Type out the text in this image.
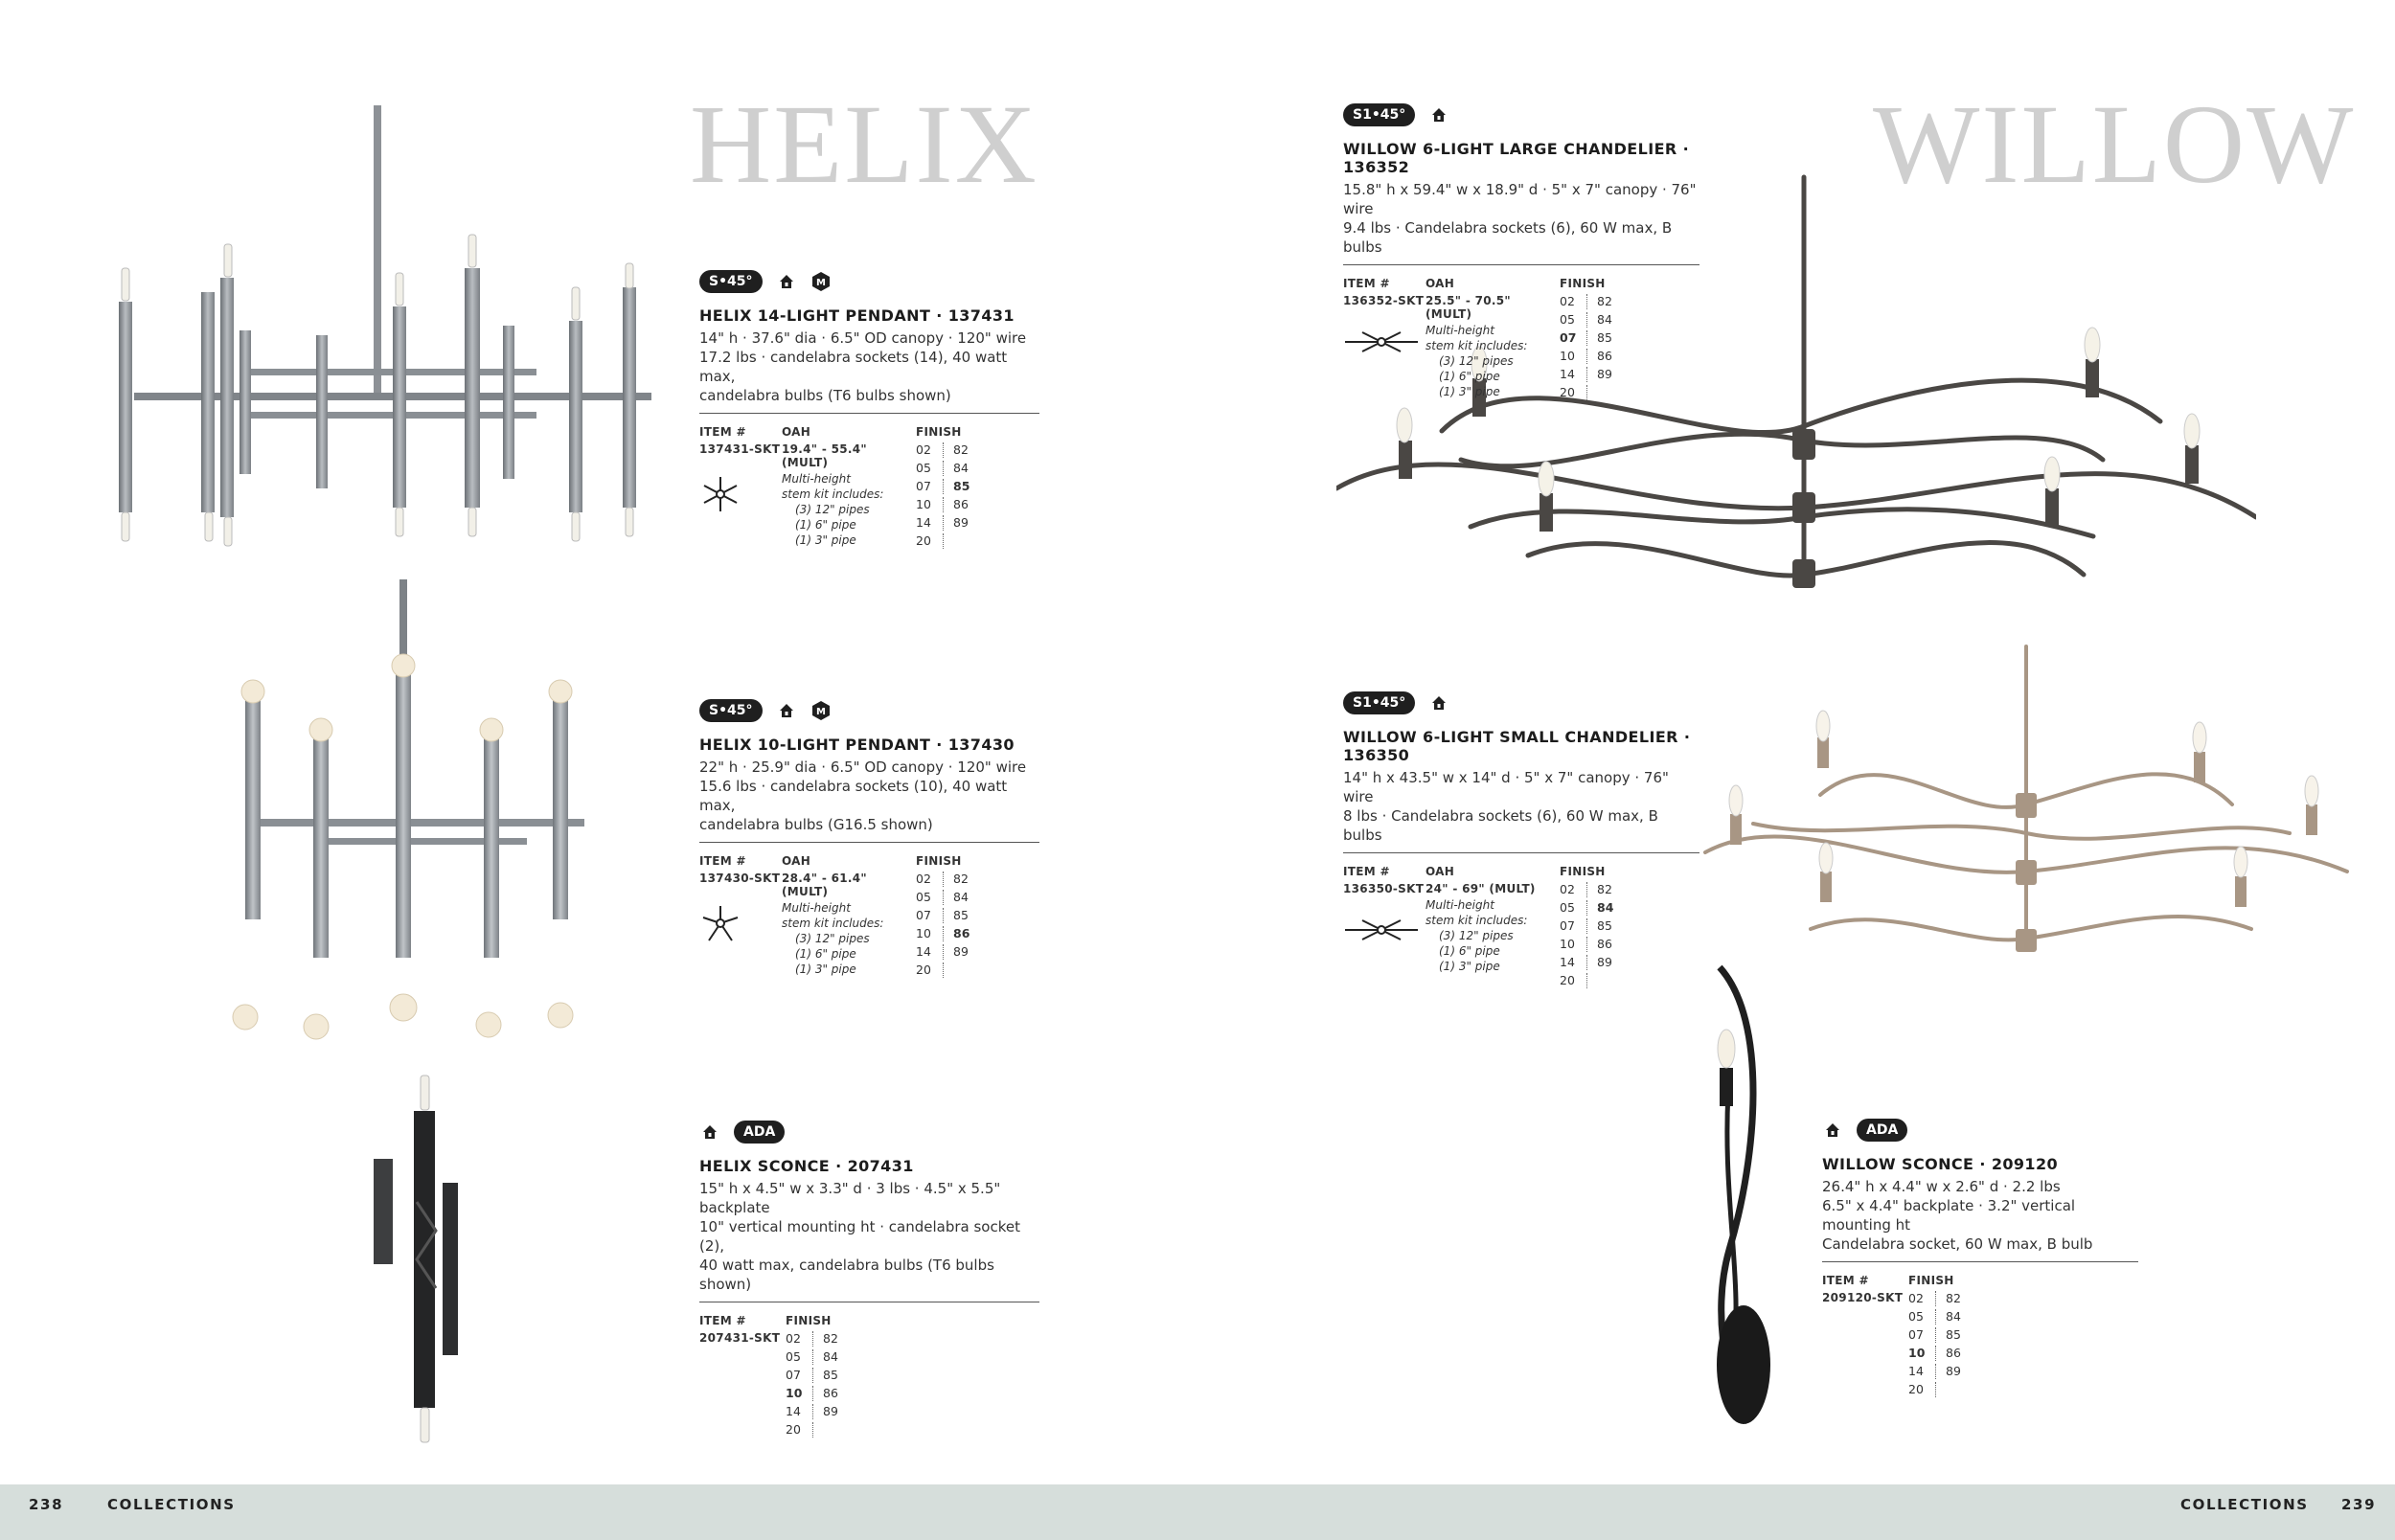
HELIX
S•45°	M
HELIX 14-LIGHT PENDANT · 137431
14" h · 37.6" dia · 6.5" OD canopy · 120" wire
17.2 lbs · candelabra sockets (14), 40 watt max,
candelabra bulbs (T6 bulbs shown)
ITEM #
137431-SKT
OAH
19.4" - 55.4" (MULT)
Multi-height
stem kit includes:
(3) 12" pipes
(1) 6" pipe
(1) 3" pipe
FINISH
02	82
05	84
07	85
10	86
14	89
20
S•45°	M
HELIX 10-LIGHT PENDANT · 137430
22" h · 25.9" dia · 6.5" OD canopy · 120" wire
15.6 lbs · candelabra sockets (10), 40 watt max,
candelabra bulbs (G16.5 shown)
ITEM #
137430-SKT
OAH
28.4" - 61.4" (MULT)
Multi-height
stem kit includes:
(3) 12" pipes
(1) 6" pipe
(1) 3" pipe
FINISH
02	82
05	84
07	85
10	86
14	89
20
ADA
HELIX SCONCE · 207431
15" h x 4.5" w x 3.3" d · 3 lbs · 4.5" x 5.5" backplate
10" vertical mounting ht · candelabra socket (2),
40 watt max, candelabra bulbs (T6 bulbs shown)
ITEM #
207431-SKT
FINISH
02	82
05	84
07	85
10	86
14	89
20
WILLOW
S1•45°
WILLOW 6-LIGHT LARGE CHANDELIER · 136352
15.8" h x 59.4" w x 18.9" d · 5" x 7" canopy · 76" wire
9.4 lbs · Candelabra sockets (6), 60 W max, B bulbs
ITEM #
136352-SKT
OAH
25.5" - 70.5" (MULT)
Multi-height
stem kit includes:
(3) 12" pipes
(1) 6" pipe
(1) 3" pipe
FINISH
02	82
05	84
07	85
10	86
14	89
20
S1•45°
WILLOW 6-LIGHT SMALL CHANDELIER · 136350
14" h x 43.5" w x 14" d · 5" x 7" canopy · 76" wire
8 lbs · Candelabra sockets (6), 60 W max, B bulbs
ITEM #
136350-SKT
OAH
24" - 69" (MULT)
Multi-height
stem kit includes:
(3) 12" pipes
(1) 6" pipe
(1) 3" pipe
FINISH
02	82
05	84
07	85
10	86
14	89
20
ADA
WILLOW SCONCE · 209120
26.4" h x 4.4" w x 2.6" d · 2.2 lbs
6.5" x 4.4" backplate · 3.2" vertical mounting ht
Candelabra socket, 60 W max, B bulb
ITEM #
209120-SKT
FINISH
02	82
05	84
07	85
10	86
14	89
20
238	COLLECTIONS	COLLECTIONS 239
